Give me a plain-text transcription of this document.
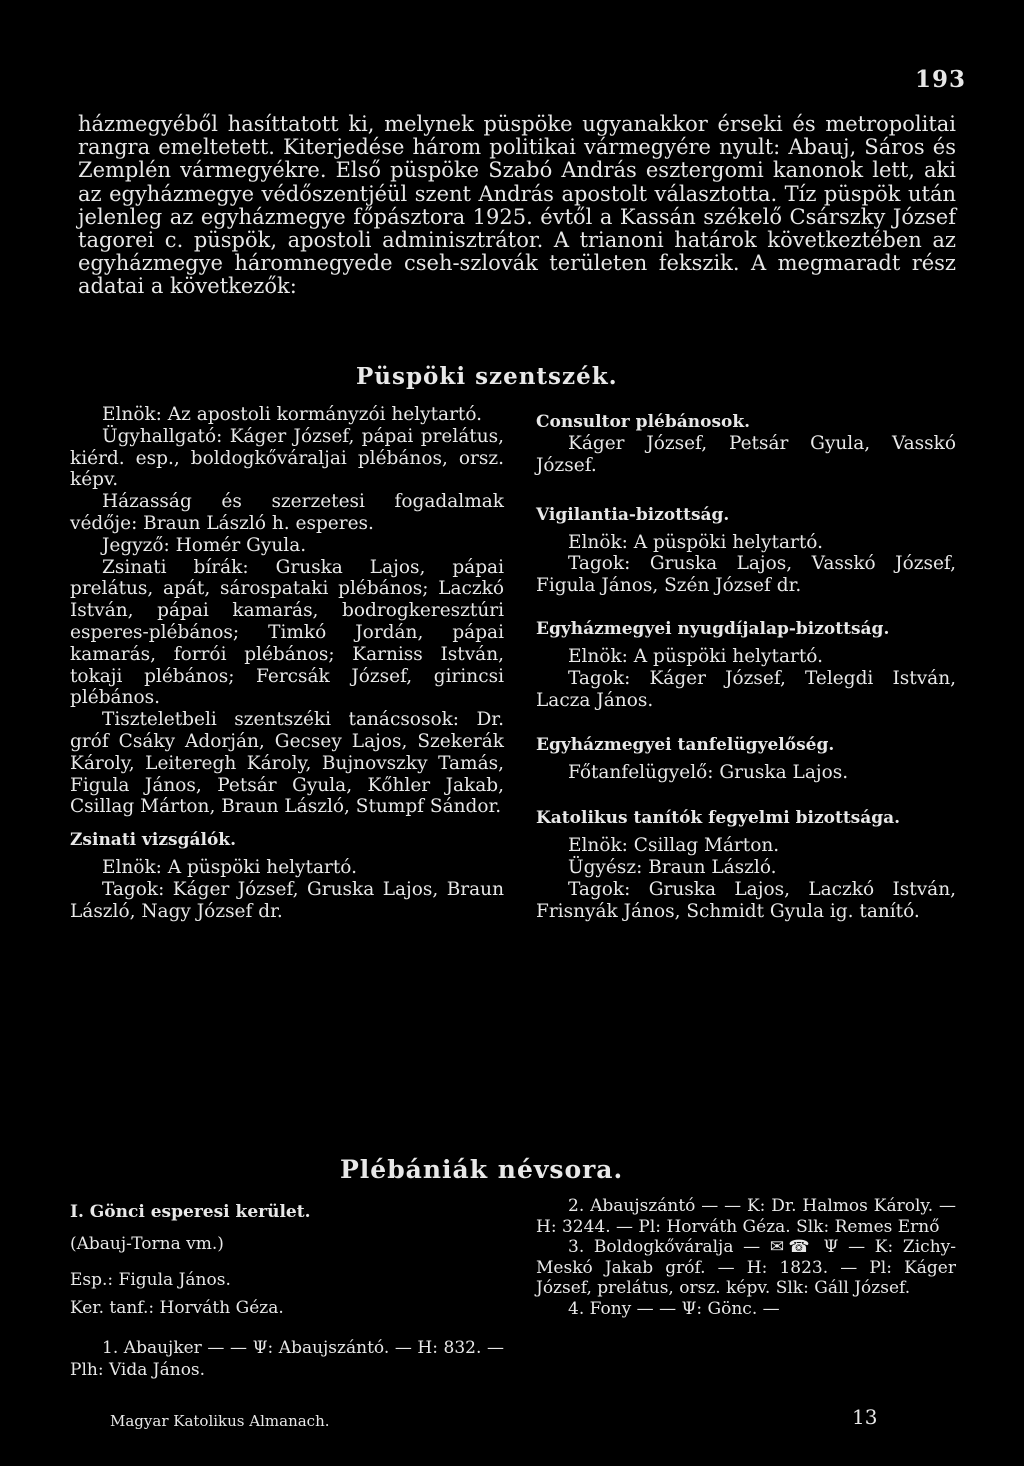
193

házmegyéből hasíttatott ki, melynek püspöke ugyanakkor érseki és metropolitai rangra emeltetett. Kiterjedése három politikai vármegyére nyult: Abauj, Sáros és Zemplén vármegyékre. Első püspöke Szabó András esztergomi kanonok lett, aki az egyházmegye védőszentjéül szent András apostolt választotta. Tíz püspök után jelenleg az egyházmegye főpásztora 1925. évtől a Kassán székelő Csárszky József tagorei c. püspök, apostoli adminisztrátor. A trianoni határok következtében az egyházmegye háromnegyede cseh-szlovák területen fekszik. A megmaradt rész adatai a következők:

Püspöki szentszék.

Elnök: Az apostoli kormányzói helytartó.

Ügyhallgató: Káger József, pápai prelátus, kiérd. esp., boldogkőváraljai plébános, orsz. képv.

Házasság és szerzetesi fogadalmak védője: Braun László h. esperes.

Jegyző: Homér Gyula.

Zsinati bírák: Gruska Lajos, pápai prelátus, apát, sárospataki plébános; Laczkó István, pápai kamarás, bodrogkeresztúri esperes-plébános; Timkó Jordán, pápai kamarás, forrói plébános; Karniss István, tokaji plébános; Fercsák József, girincsi plébános.

Tiszteletbeli szentszéki tanácsosok: Dr. gróf Csáky Adorján, Gecsey Lajos, Szekerák Károly, Leiteregh Károly, Bujnovszky Tamás, Figula János, Petsár Gyula, Kőhler Jakab, Csillag Márton, Braun László, Stumpf Sándor.

Zsinati vizsgálók.

Elnök: A püspöki helytartó.

Tagok: Káger József, Gruska Lajos, Braun László, Nagy József dr.

Consultor plébánosok.

Káger József, Petsár Gyula, Vasskó József.

Vigilantia-bizottság.

Elnök: A püspöki helytartó.

Tagok: Gruska Lajos, Vasskó József, Figula János, Szén József dr.

Egyházmegyei nyugdíjalap-bizottság.

Elnök: A püspöki helytartó.

Tagok: Káger József, Telegdi István, Lacza János.

Egyházmegyei tanfelügyelőség.

Főtanfelügyelő: Gruska Lajos.

Katolikus tanítók fegyelmi bizottsága.

Elnök: Csillag Márton.

Ügyész: Braun László.

Tagok: Gruska Lajos, Laczkó István, Frisnyák János, Schmidt Gyula ig. tanító.

Plébániák névsora.

I. Gönci esperesi kerület.

(Abauj-Torna vm.)

Esp.: Figula János.

Ker. tanf.: Horváth Géza.

1. Abaujker — — Ψ: Abaujszántó. — H: 832. — Plh: Vida János.

2. Abaujszántó — — K: Dr. Halmos Károly. — H: 3244. — Pl: Horváth Géza. Slk: Remes Ernő

3. Boldogkőváralja — ✉☎ Ψ — K: Zichy-Meskó Jakab gróf. — H: 1823. — Pl: Káger József, prelátus, orsz. képv. Slk: Gáll József.

4. Fony — — Ψ: Gönc. —

Magyar Katolikus Almanach.	13
